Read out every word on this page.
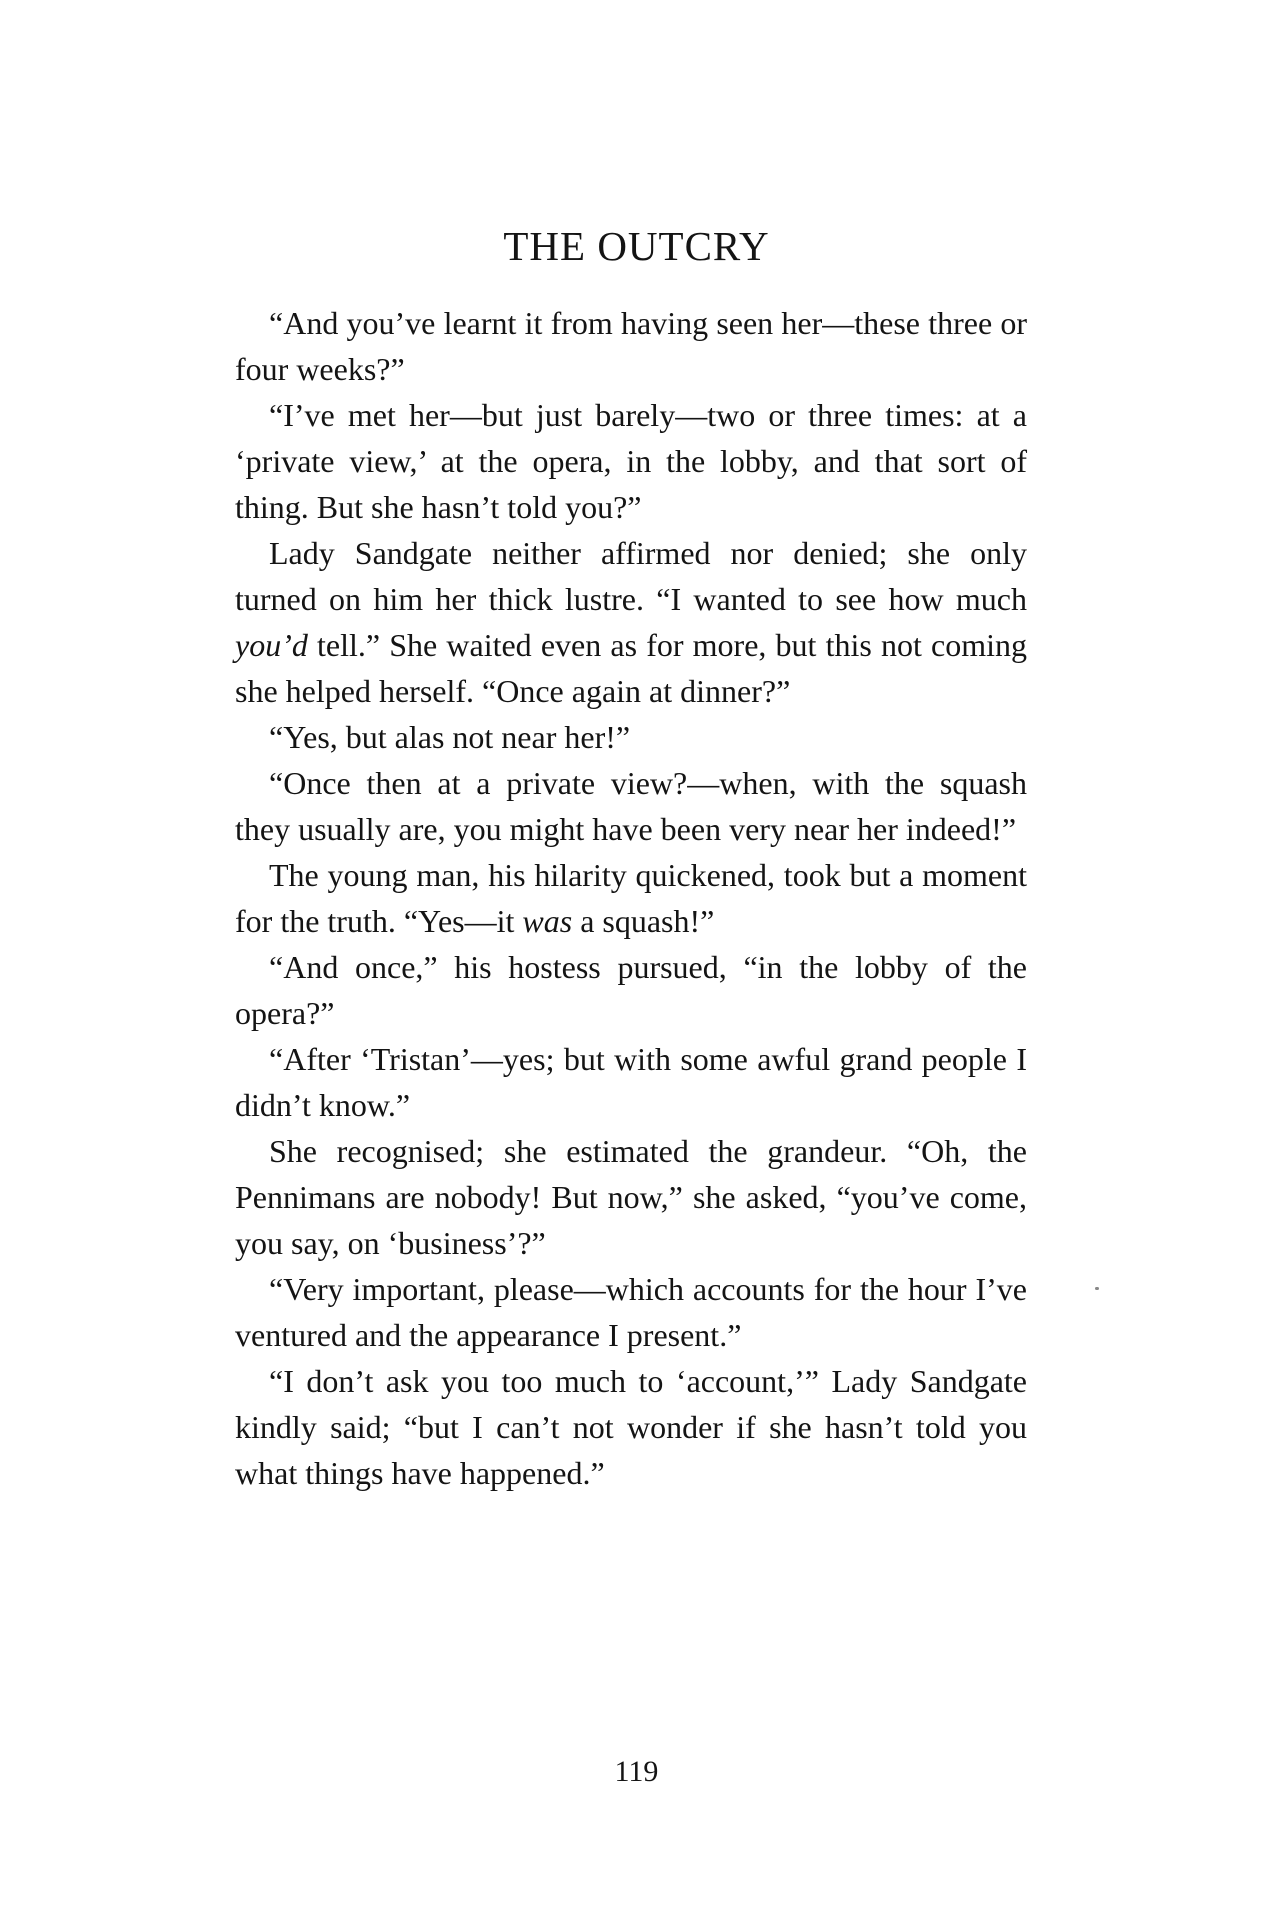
THE OUTCRY

“And you’ve learnt it from having seen her—these three or four weeks?”

“I’ve met her—but just barely—two or three times: at a ‘private view,’ at the opera, in the lobby, and that sort of thing. But she hasn’t told you?”

Lady Sandgate neither affirmed nor denied; she only turned on him her thick lustre. “I wanted to see how much you’d tell.” She waited even as for more, but this not coming she helped herself. “Once again at dinner?”

“Yes, but alas not near her!”

“Once then at a private view?—when, with the squash they usually are, you might have been very near her indeed!”

The young man, his hilarity quickened, took but a moment for the truth. “Yes—it was a squash!”

“And once,” his hostess pursued, “in the lobby of the opera?”

“After ‘Tristan’—yes; but with some awful grand people I didn’t know.”

She recognised; she estimated the grandeur. “Oh, the Pennimans are nobody! But now,” she asked, “you’ve come, you say, on ‘business’?”

“Very important, please—which accounts for the hour I’ve ventured and the appearance I present.”

“I don’t ask you too much to ‘account,’” Lady Sandgate kindly said; “but I can’t not wonder if she hasn’t told you what things have happened.”

119
